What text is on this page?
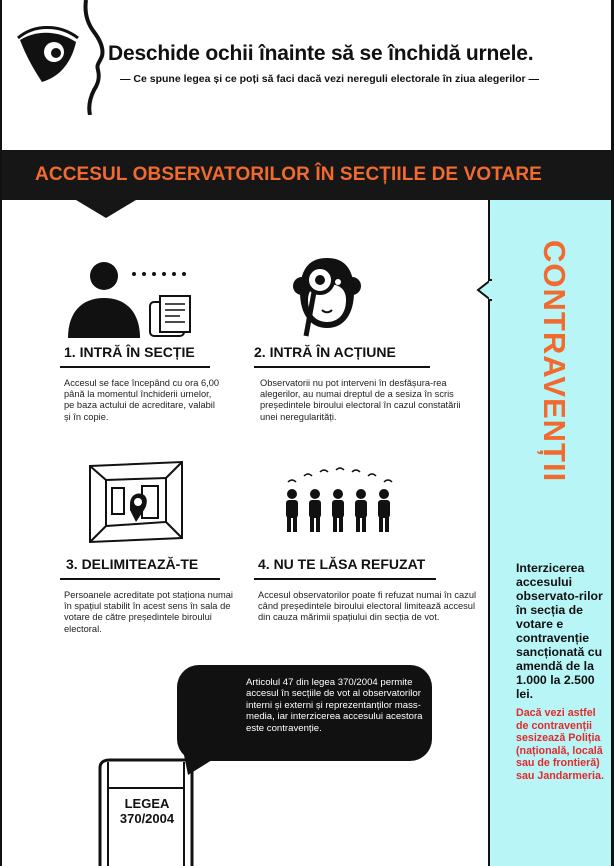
Deschide ochii înainte să se închidă urnele.
— Ce spune legea și ce poți să faci dacă vezi nereguli electorale în ziua alegerilor —
ACCESUL OBSERVATORILOR ÎN SECȚIILE DE VOTARE
CONTRAVENȚII
Interzicerea accesului observato-rilor în secția de votare e contravenție sancționată cu amendă de la 1.000 la 2.500 lei.
Dacă vezi astfel de contravenții sesizează Poliția (națională, locală sau de frontieră) sau Jandarmeria.
1. INTRĂ ÎN SECȚIE
Accesul se face începând cu ora 6,00 până la momentul închiderii urnelor, pe baza actului de acreditare, valabil și în copie.
2. INTRĂ ÎN ACȚIUNE
Observatorii nu pot interveni în desfășura-rea alegerilor, au numai dreptul de a sesiza în scris președintele biroului electoral în cazul constatării unei neregularități.
3. DELIMITEAZĂ-TE
Persoanele acreditate pot staționa numai în spațiul stabilit în acest sens în sala de votare de către președintele biroului electoral.
4. NU TE LĂSA REFUZAT
Accesul observatorilor poate fi refuzat numai în cazul când președintele biroului electoral limitează accesul din cauza mărimii spațiului din secția de vot.
LEGEA
370/2004
Articolul 47 din legea 370/2004 permite accesul în secțiile de vot al observatorilor interni și externi și reprezentanților mass-media, iar interzicerea accesului acestora este contravenție.
